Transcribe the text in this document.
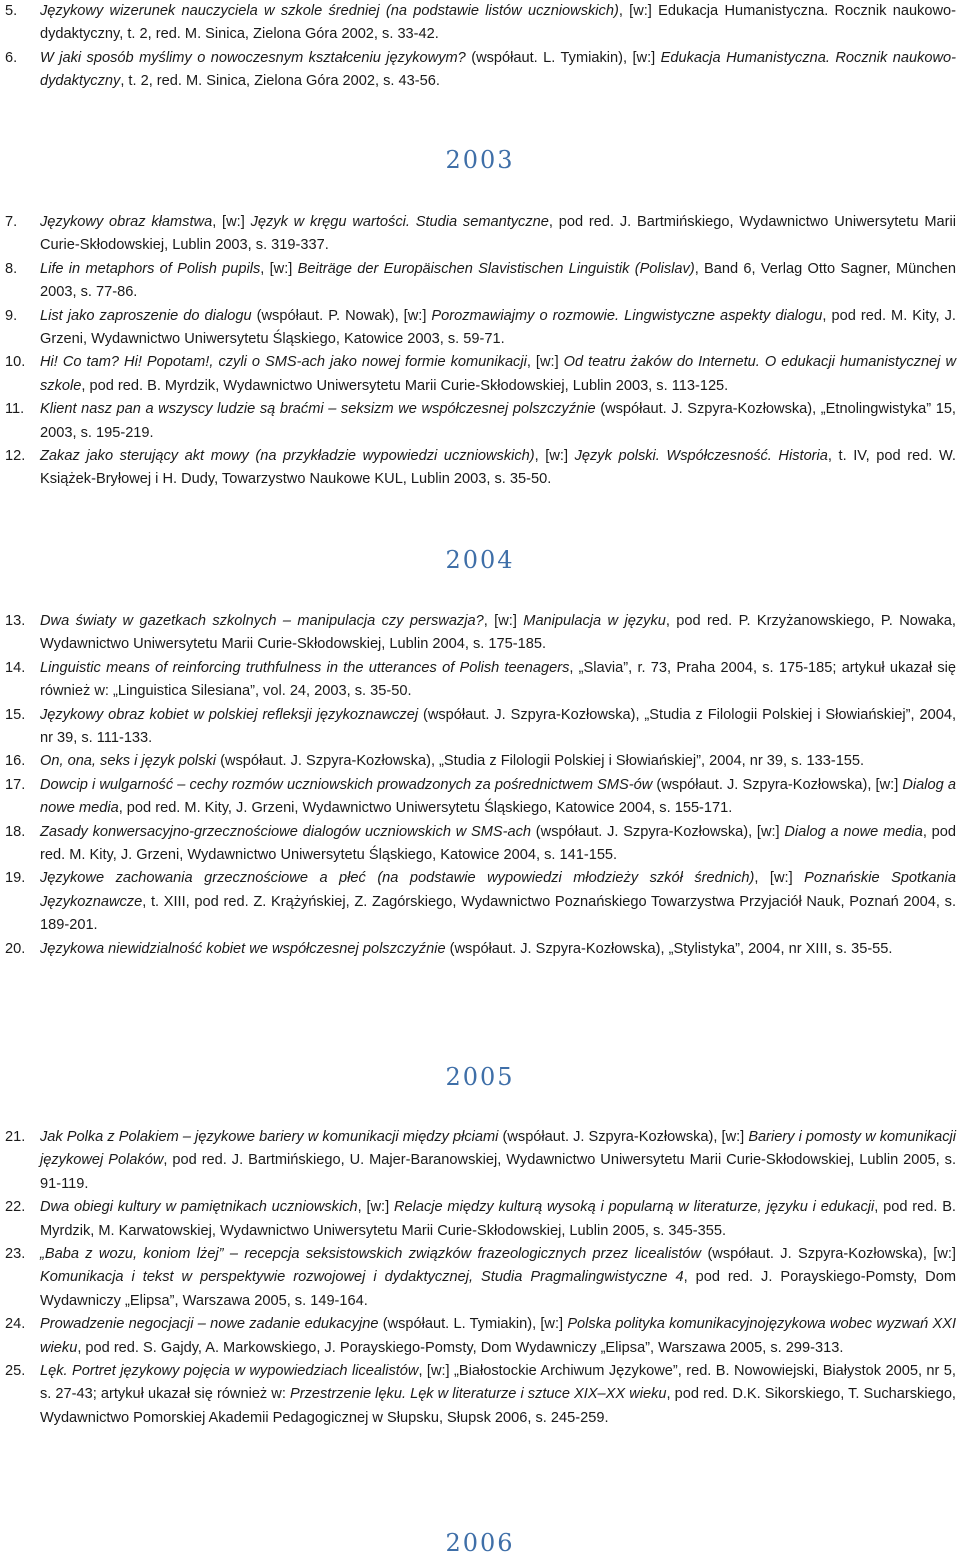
5.	Językowy wizerunek nauczyciela w szkole średniej (na podstawie listów uczniowskich), [w:] Edukacja Humanistyczna. Rocznik naukowo-dydaktyczny, t. 2, red. M. Sinica, Zielona Góra 2002, s. 33-42.
6.	W jaki sposób myślimy o nowoczesnym kształceniu językowym? (współaut. L. Tymiakin), [w:] Edukacja Humanistyczna. Rocznik naukowo-dydaktyczny, t. 2, red. M. Sinica, Zielona Góra 2002, s. 43-56.
2003
7.	Językowy obraz kłamstwa, [w:] Język w kręgu wartości. Studia semantyczne, pod red. J. Bartmińskiego, Wydawnictwo Uniwersytetu Marii Curie-Skłodowskiej, Lublin 2003, s. 319-337.
8.	Life in metaphors of Polish pupils, [w:] Beiträge der Europäischen Slavistischen Linguistik (Polislav), Band 6, Verlag Otto Sagner, München 2003, s. 77-86.
9.	List jako zaproszenie do dialogu (współaut. P. Nowak), [w:] Porozmawiajmy o rozmowie. Lingwistyczne aspekty dialogu, pod red. M. Kity, J. Grzeni, Wydawnictwo Uniwersytetu Śląskiego, Katowice 2003, s. 59-71.
10.	Hi! Co tam? Hi! Popotam!, czyli o SMS-ach jako nowej formie komunikacji, [w:] Od teatru żaków do Internetu. O edukacji humanistycznej w szkole, pod red. B. Myrdzik, Wydawnictwo Uniwersytetu Marii Curie-Skłodowskiej, Lublin 2003, s. 113-125.
11.	Klient nasz pan a wszyscy ludzie są braćmi – seksizm we współczesnej polszczyźnie (współaut. J. Szpyra-Kozłowska), „Etnolingwistyka” 15, 2003, s. 195-219.
12.	Zakaz jako sterujący akt mowy (na przykładzie wypowiedzi uczniowskich), [w:] Język polski. Współczesność. Historia, t. IV, pod red. W. Książek-Bryłowej i H. Dudy, Towarzystwo Naukowe KUL, Lublin 2003, s. 35-50.
2004
13.	Dwa światy w gazetkach szkolnych – manipulacja czy perswazja?, [w:] Manipulacja w języku, pod red. P. Krzyżanowskiego, P. Nowaka, Wydawnictwo Uniwersytetu Marii Curie-Skłodowskiej, Lublin 2004, s. 175-185.
14.	Linguistic means of reinforcing truthfulness in the utterances of Polish teenagers, „Slavia”, r. 73, Praha 2004, s. 175-185; artykuł ukazał się również w: „Linguistica Silesiana”, vol. 24, 2003, s. 35-50.
15.	Językowy obraz kobiet w polskiej refleksji językoznawczej (współaut. J. Szpyra-Kozłowska), „Studia z Filologii Polskiej i Słowiańskiej”, 2004, nr 39, s. 111-133.
16.	On, ona, seks i język polski (współaut. J. Szpyra-Kozłowska), „Studia z Filologii Polskiej i Słowiańskiej”, 2004, nr 39, s. 133-155.
17.	Dowcip i wulgarność – cechy rozmów uczniowskich prowadzonych za pośrednictwem SMS-ów (współaut. J. Szpyra-Kozłowska), [w:] Dialog a nowe media, pod red. M. Kity, J. Grzeni, Wydawnictwo Uniwersytetu Śląskiego, Katowice 2004, s. 155-171.
18.	Zasady konwersacyjno-grzecznościowe dialogów uczniowskich w SMS-ach (współaut. J. Szpyra-Kozłowska), [w:] Dialog a nowe media, pod red. M. Kity, J. Grzeni, Wydawnictwo Uniwersytetu Śląskiego, Katowice 2004, s. 141-155.
19.	Językowe zachowania grzecznościowe a płeć (na podstawie wypowiedzi młodzieży szkół średnich), [w:] Poznańskie Spotkania Językoznawcze, t. XIII, pod red. Z. Krążyńskiej, Z. Zagórskiego, Wydawnictwo Poznańskiego Towarzystwa Przyjaciół Nauk, Poznań 2004, s. 189-201.
20.	Językowa niewidzialność kobiet we współczesnej polszczyźnie (współaut. J. Szpyra-Kozłowska), „Stylistyka”, 2004, nr XIII, s. 35-55.
2005
21.	Jak Polka z Polakiem – językowe bariery w komunikacji między płciami (współaut. J. Szpyra-Kozłowska), [w:] Bariery i pomosty w komunikacji językowej Polaków, pod red. J. Bartmińskiego, U. Majer-Baranowskiej, Wydawnictwo Uniwersytetu Marii Curie-Skłodowskiej, Lublin 2005, s. 91-119.
22.	Dwa obiegi kultury w pamiętnikach uczniowskich, [w:] Relacje między kulturą wysoką i popularną w literaturze, języku i edukacji, pod red. B. Myrdzik, M. Karwatowskiej, Wydawnictwo Uniwersytetu Marii Curie-Skłodowskiej, Lublin 2005, s. 345-355.
23.	„Baba z wozu, koniom lżej” – recepcja seksistowskich związków frazeologicznych przez licealistów (współaut. J. Szpyra-Kozłowska), [w:] Komunikacja i tekst w perspektywie rozwojowej i dydaktycznej, Studia Pragmalingwistyczne 4, pod red. J. Porayskiego-Pomsty, Dom Wydawniczy „Elipsa”, Warszawa 2005, s. 149-164.
24.	Prowadzenie negocjacji – nowe zadanie edukacyjne (współaut. L. Tymiakin), [w:] Polska polityka komunikacyjnojęzykowa wobec wyzwań XXI wieku, pod red. S. Gajdy, A. Markowskiego, J. Porayskiego-Pomsty, Dom Wydawniczy „Elipsa”, Warszawa 2005, s. 299-313.
25.	Lęk. Portret językowy pojęcia w wypowiedziach licealistów, [w:] „Białostockie Archiwum Językowe”, red. B. Nowowiejski, Białystok 2005, nr 5, s. 27-43; artykuł ukazał się również w: Przestrzenie lęku. Lęk w literaturze i sztuce XIX–XX wieku, pod red. D.K. Sikorskiego, T. Sucharskiego, Wydawnictwo Pomorskiej Akademii Pedagogicznej w Słupsku, Słupsk 2006, s. 245-259.
2006
